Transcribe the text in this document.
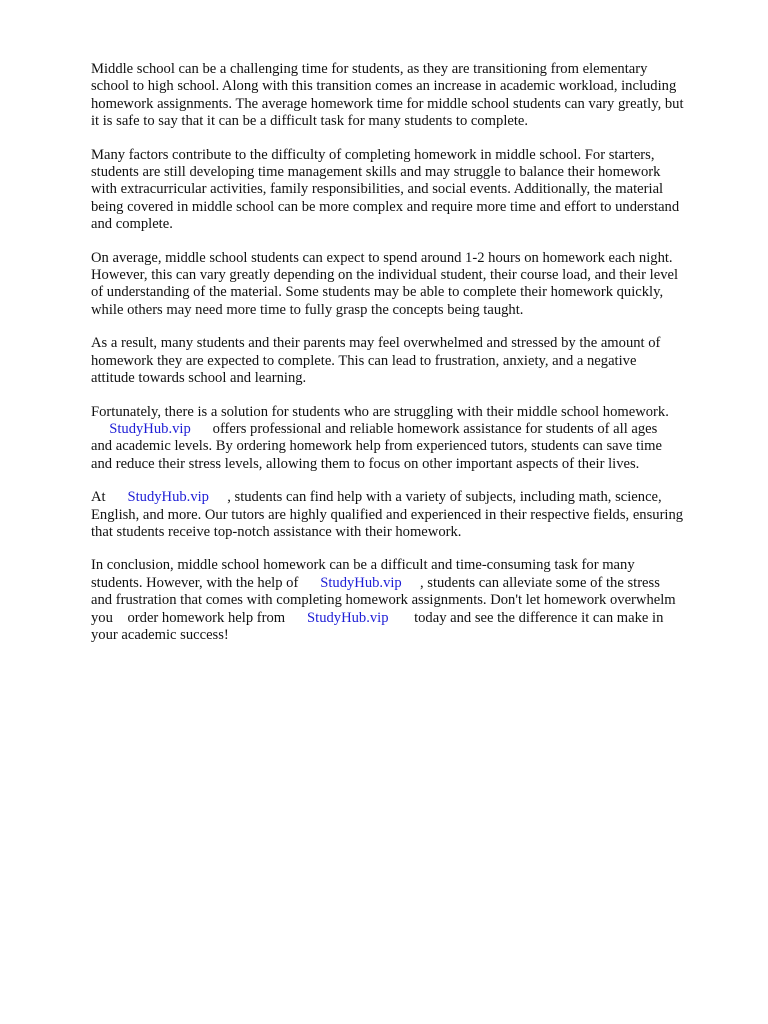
Middle school can be a challenging time for students, as they are transitioning from elementary
school to high school. Along with this transition comes an increase in academic workload, including
homework assignments. The average homework time for middle school students can vary greatly, but
it is safe to say that it can be a difficult task for many students to complete.

Many factors contribute to the difficulty of completing homework in middle school. For starters,
students are still developing time management skills and may struggle to balance their homework
with extracurricular activities, family responsibilities, and social events. Additionally, the material
being covered in middle school can be more complex and require more time and effort to understand
and complete.

On average, middle school students can expect to spend around 1-2 hours on homework each night.
However, this can vary greatly depending on the individual student, their course load, and their level
of understanding of the material. Some students may be able to complete their homework quickly,
while others may need more time to fully grasp the concepts being taught.

As a result, many students and their parents may feel overwhelmed and stressed by the amount of
homework they are expected to complete. This can lead to frustration, anxiety, and a negative
attitude towards school and learning.

Fortunately, there is a solution for students who are struggling with their middle school homework.
StudyHub.vip      offers professional and reliable homework assistance for students of all ages
and academic levels. By ordering homework help from experienced tutors, students can save time
and reduce their stress levels, allowing them to focus on other important aspects of their lives.

At      StudyHub.vip     , students can find help with a variety of subjects, including math, science,
English, and more. Our tutors are highly qualified and experienced in their respective fields, ensuring
that students receive top-notch assistance with their homework.

In conclusion, middle school homework can be a difficult and time-consuming task for many
students. However, with the help of      StudyHub.vip     , students can alleviate some of the stress
and frustration that comes with completing homework assignments. Don't let homework overwhelm
you    order homework help from      StudyHub.vip       today and see the difference it can make in
your academic success!
